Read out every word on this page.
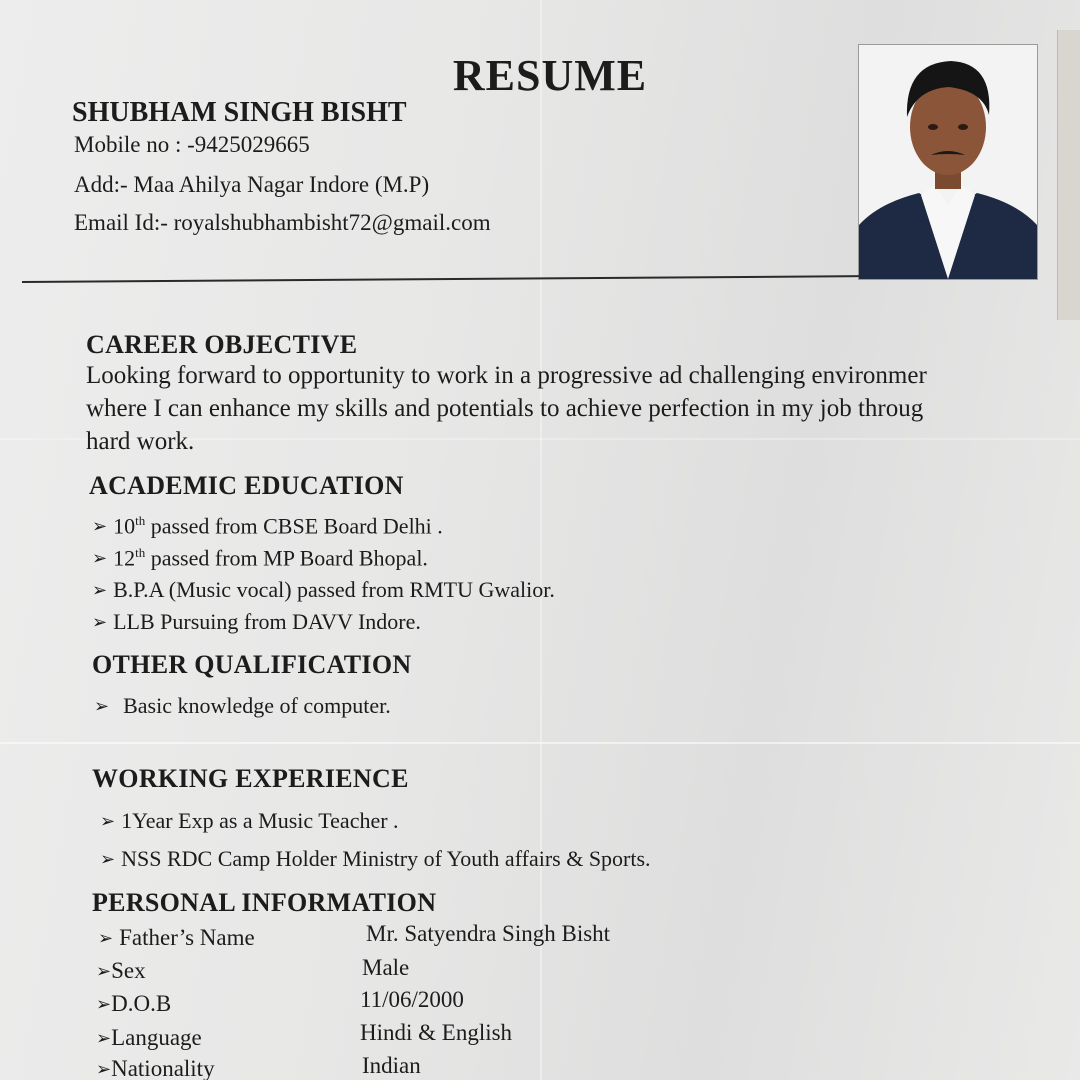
RESUME
SHUBHAM SINGH BISHT
Mobile no : -9425029665
Add:- Maa Ahilya Nagar Indore (M.P)
Email Id:- royalshubhambisht72@gmail.com
CAREER OBJECTIVE
Looking forward to opportunity to work in a progressive ad challenging environmer
where I can enhance my skills and potentials to achieve perfection in my job throug
hard work.
ACADEMIC EDUCATION
➢ 10th passed from CBSE Board Delhi .
➢ 12th passed from MP Board Bhopal.
➢ B.P.A (Music vocal) passed from RMTU Gwalior.
➢ LLB Pursuing from DAVV Indore.
OTHER QUALIFICATION
➢ Basic knowledge of computer.
WORKING EXPERIENCE
➢ 1Year Exp as a Music Teacher .
➢ NSS RDC Camp Holder Ministry of Youth affairs & Sports.
PERSONAL INFORMATION
➢ Father’s Name	Mr. Satyendra Singh Bisht
➢Sex	Male
➢D.O.B	11/06/2000
➢Language	Hindi & English
➢Nationality	Indian
